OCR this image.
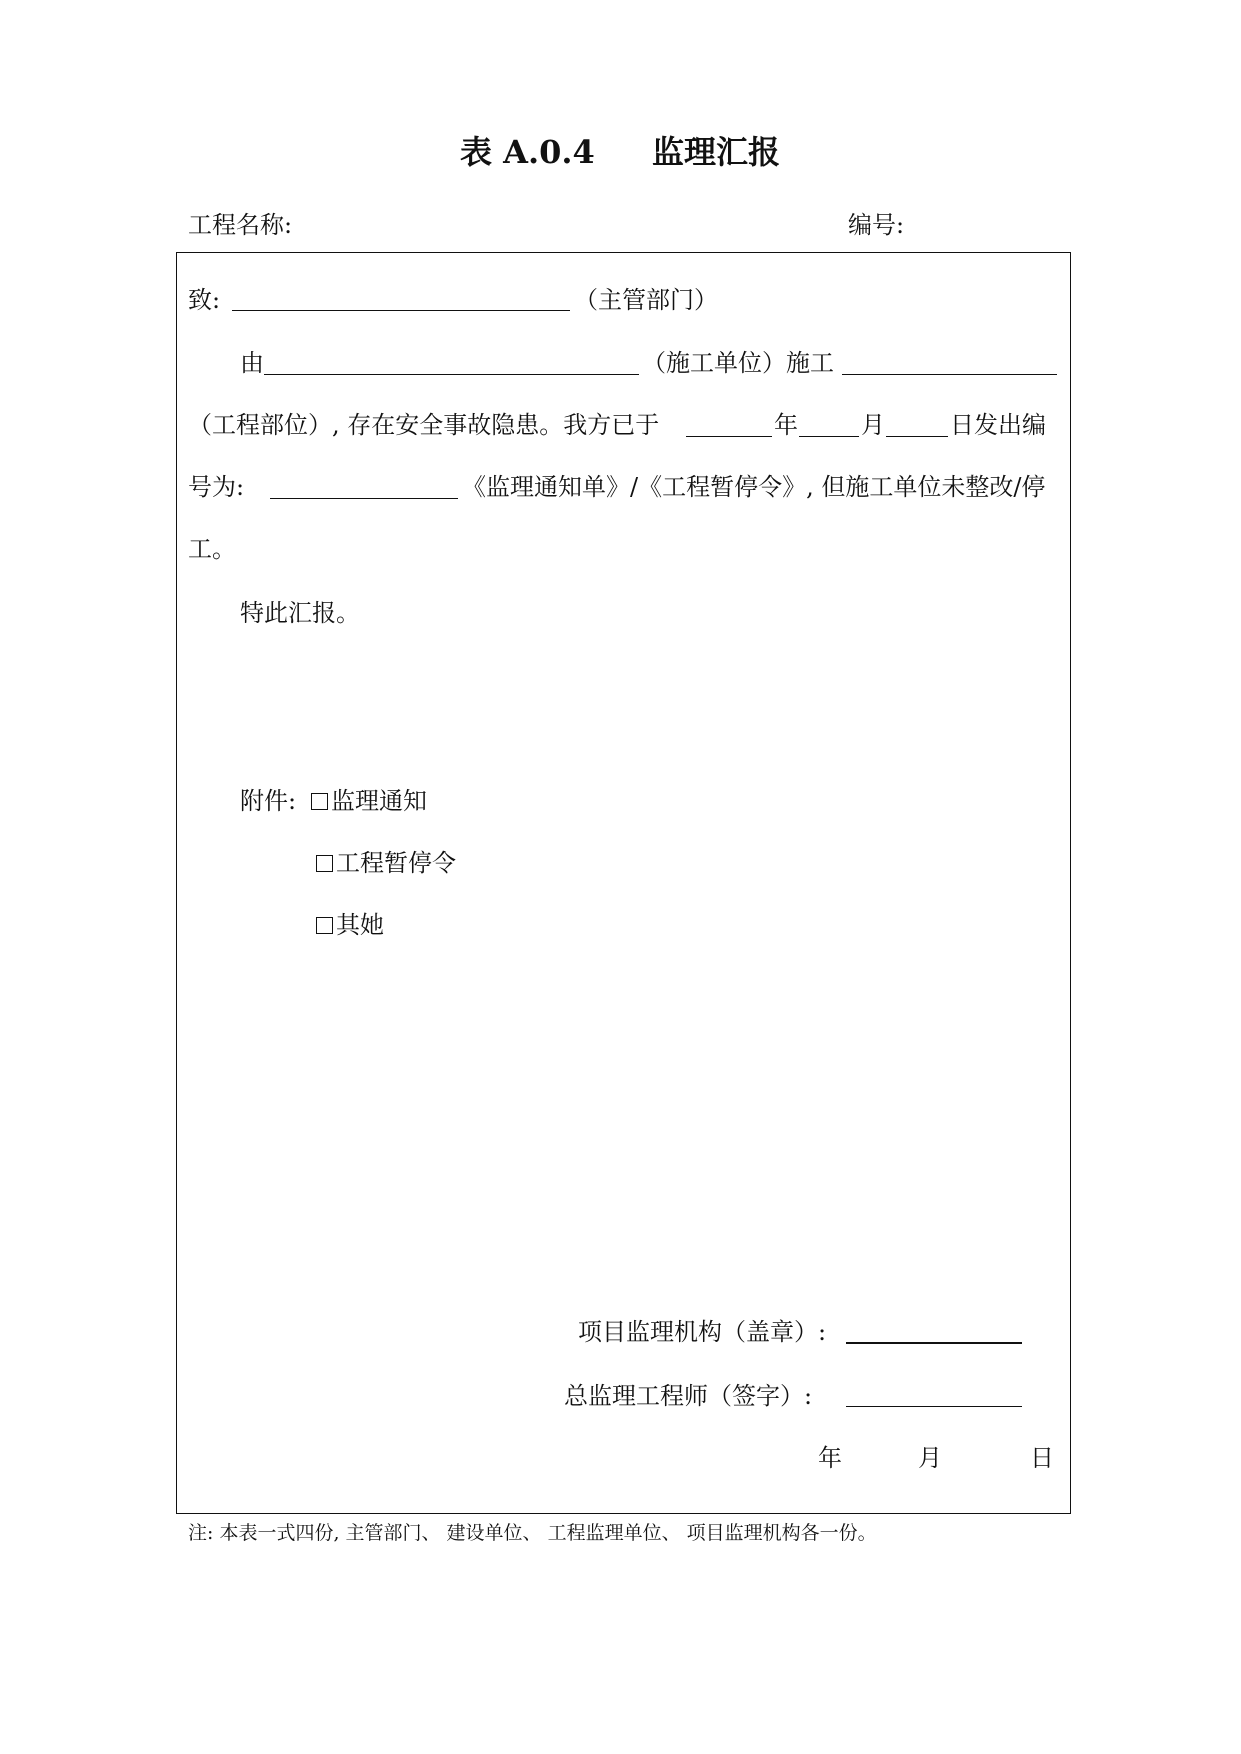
表 A.0.4 监理汇报
工程名称:	编号:
致:	（主管部门）
由	（施工单位）施工
（工程部位）, 存在安全事故隐患。我方已于	年	月	日发出编
号为:	《监理通知单》/《工程暂停令》, 但施工单位未整改/停
工。
特此汇报。
附件:	监理通知
工程暂停令
其她
项目监理机构（盖章）:
总监理工程师（签字）:
年	月	日
注: 本表一式四份, 主管部门、 建设单位、 工程监理单位、 项目监理机构各一份。
